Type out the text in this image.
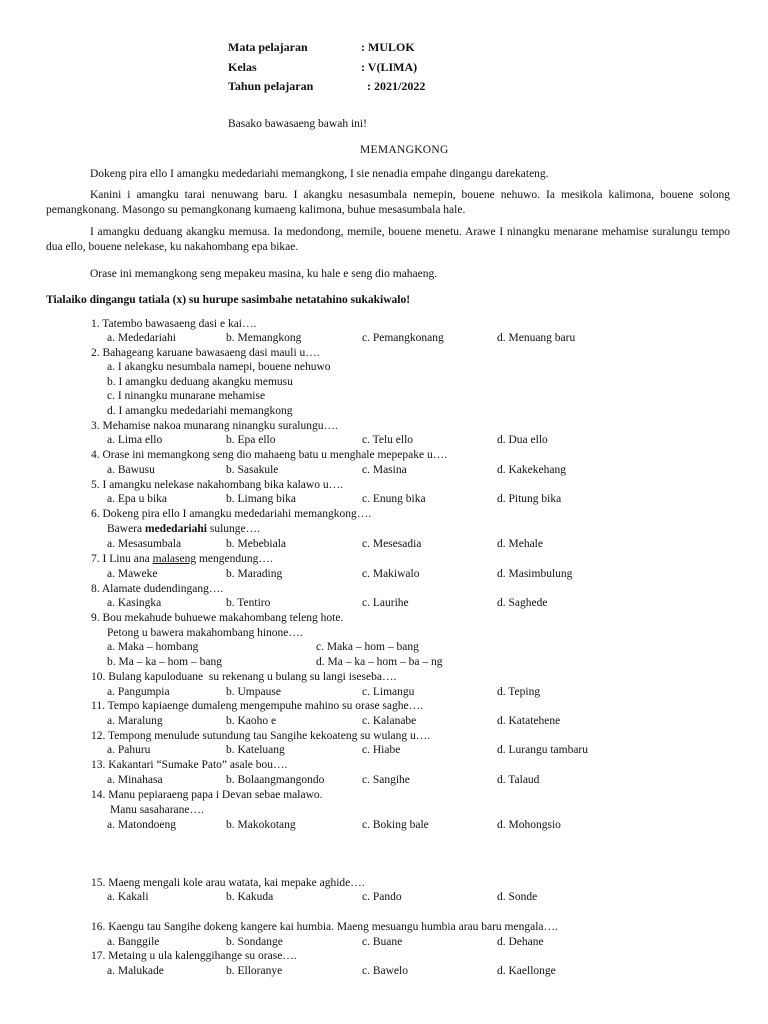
Mata pelajaran	: MULOK
Kelas	: V(LIMA)
Tahun pelajaran	: 2021/2022
Basako bawasaeng bawah ini!
MEMANGKONG
Dokeng pira ello I amangku mededariahi memangkong, I sie nenadia empahe dingangu darekateng.
Kanini i amangku tarai nenuwang baru. I akangku nesasumbala nemepin, bouene nehuwo. Ia mesikola kalimona, bouene solong pemangkonang. Masongo su pemangkonang kumaeng kalimona, buhue mesasumbala hale.
I amangku deduang akangku memusa. Ia medondong, memile, bouene menetu. Arawe I ninangku menarane mehamise suralungu tempo dua ello, bouene nelekase, ku nakahombang epa bikae.
Orase ini memangkong seng mepakeu masina, ku hale e seng dio mahaeng.
Tialaiko dingangu tatiala (x) su hurupe sasimbahe netatahino sukakiwalo!
1. Tatembo bawasaeng dasi e kai….
a. Mededariahi	b. Memangkong	c. Pemangkonang	d. Menuang baru
2. Bahageang karuane bawasaeng dasi mauli u….
a. I akangku nesumbala namepi, bouene nehuwo
b. I amangku deduang akangku memusu
c. I ninangku munarane mehamise
d. I amangku mededariahi memangkong
3. Mehamise nakoa munarang ninangku suralungu….
a. Lima ello	b. Epa ello	c. Telu ello	d. Dua ello
4. Orase ini memangkong seng dio mahaeng batu u menghale mepepake u….
a. Bawusu	b. Sasakule	c. Masina	d. Kakekehang
5. I amangku nelekase nakahombang bika kalawo u….
a. Epa u bika	b. Limang bika	c. Enung bika	d. Pitung bika
6. Dokeng pira ello I amangku mededariahi memangkong….
Bawera mededariahi sulunge….
a. Mesasumbala	b. Mebebiala	c. Mesesadia	d. Mehale
7. I Linu ana malaseng mengendung….
a. Maweke	b. Marading	c. Makiwalo	d. Masimbulung
8. Alamate dudendingang….
a. Kasingka	b. Tentiro	c. Laurihe	d. Saghede
9. Bou mekahude buhuewe makahombang teleng hote.
Petong u bawera makahombang hinone….
a. Maka – hombang	c. Maka – hom – bang
b. Ma – ka – hom – bang	d. Ma – ka – hom – ba – ng
10. Bulang kapuloduane  su rekenang u bulang su langi iseseba….
a. Pangumpia	b. Umpause	c. Limangu	d. Teping
11. Tempo kapiaenge dumaleng mengempuhe mahino su orase saghe….
a. Maralung	b. Kaoho e	c. Kalanabe	d. Katatehene
12. Tempong menulude sutundung tau Sangihe kekoateng su wulang u….
a. Pahuru	b. Kateluang	c. Hiabe	d. Lurangu tambaru
13. Kakantari “Sumake Pato” asale bou….
a. Minahasa	b. Bolaangmangondo	c. Sangihe	d. Talaud
14. Manu pepiaraeng papa i Devan sebae malawo.
Manu sasaharane….
a. Matondoeng	b. Makokotang	c. Boking bale	d. Mohongsio
15. Maeng mengali kole arau watata, kai mepake aghide….
a. Kakali	b. Kakuda	c. Pando	d. Sonde
16. Kaengu tau Sangihe dokeng kangere kai humbia. Maeng mesuangu humbia arau baru mengala….
a. Banggile	b. Sondange	c. Buane	d. Dehane
17. Metaing u ula kalenggihange su orase….
a. Malukade	b. Elloranye	c. Bawelo	d. Kaellonge
